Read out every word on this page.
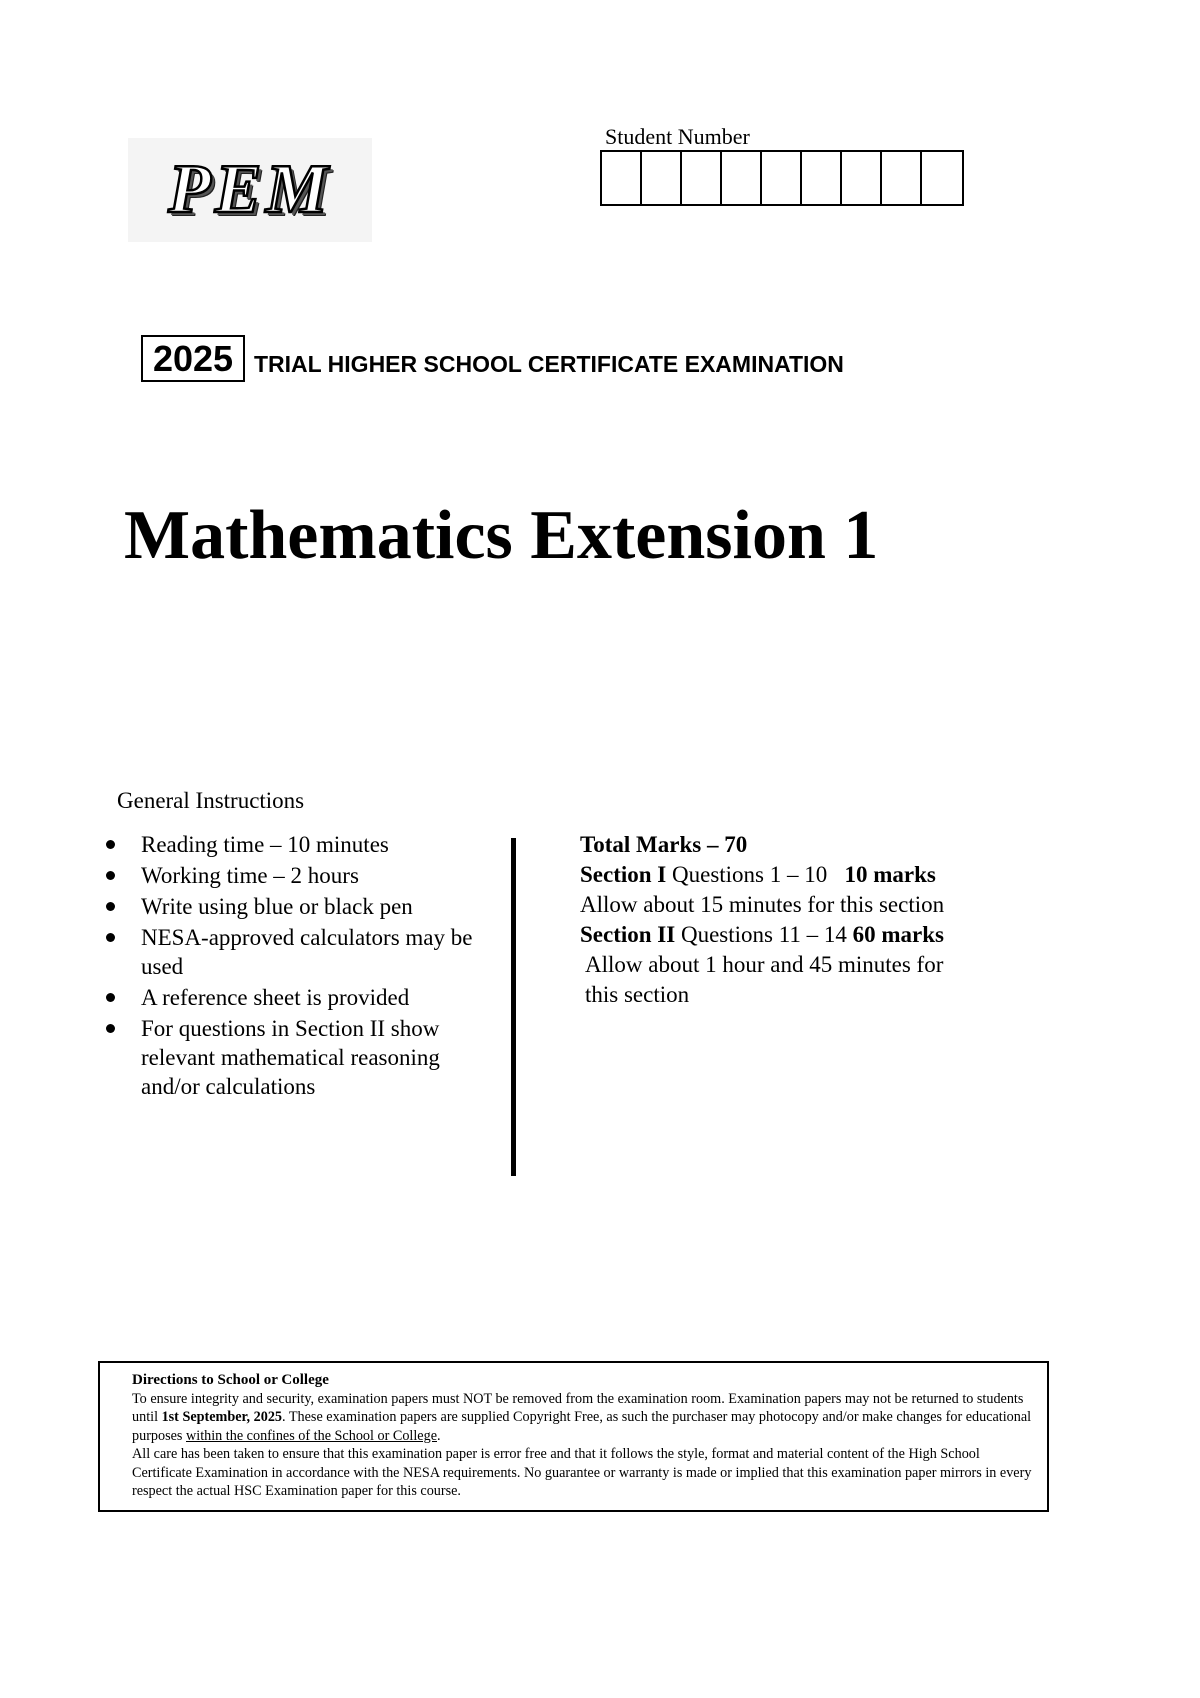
PEM
Student Number
2025 TRIAL HIGHER SCHOOL CERTIFICATE EXAMINATION
Mathematics Extension 1
General Instructions
Reading time – 10 minutes
Working time – 2 hours
Write using blue or black pen
NESA-approved calculators may be used
A reference sheet is provided
For questions in Section II show relevant mathematical reasoning and/or calculations
Total Marks – 70
Section I Questions 1 – 10 10 marks
Allow about 15 minutes for this section
Section II Questions 11 – 14 60 marks
Allow about 1 hour and 45 minutes for
this section
Directions to School or College
To ensure integrity and security, examination papers must NOT be removed from the examination room. Examination papers may not be returned to students until 1st September, 2025. These examination papers are supplied Copyright Free, as such the purchaser may photocopy and/or make changes for educational purposes within the confines of the School or College.
All care has been taken to ensure that this examination paper is error free and that it follows the style, format and material content of the High School Certificate Examination in accordance with the NESA requirements. No guarantee or warranty is made or implied that this examination paper mirrors in every respect the actual HSC Examination paper for this course.
